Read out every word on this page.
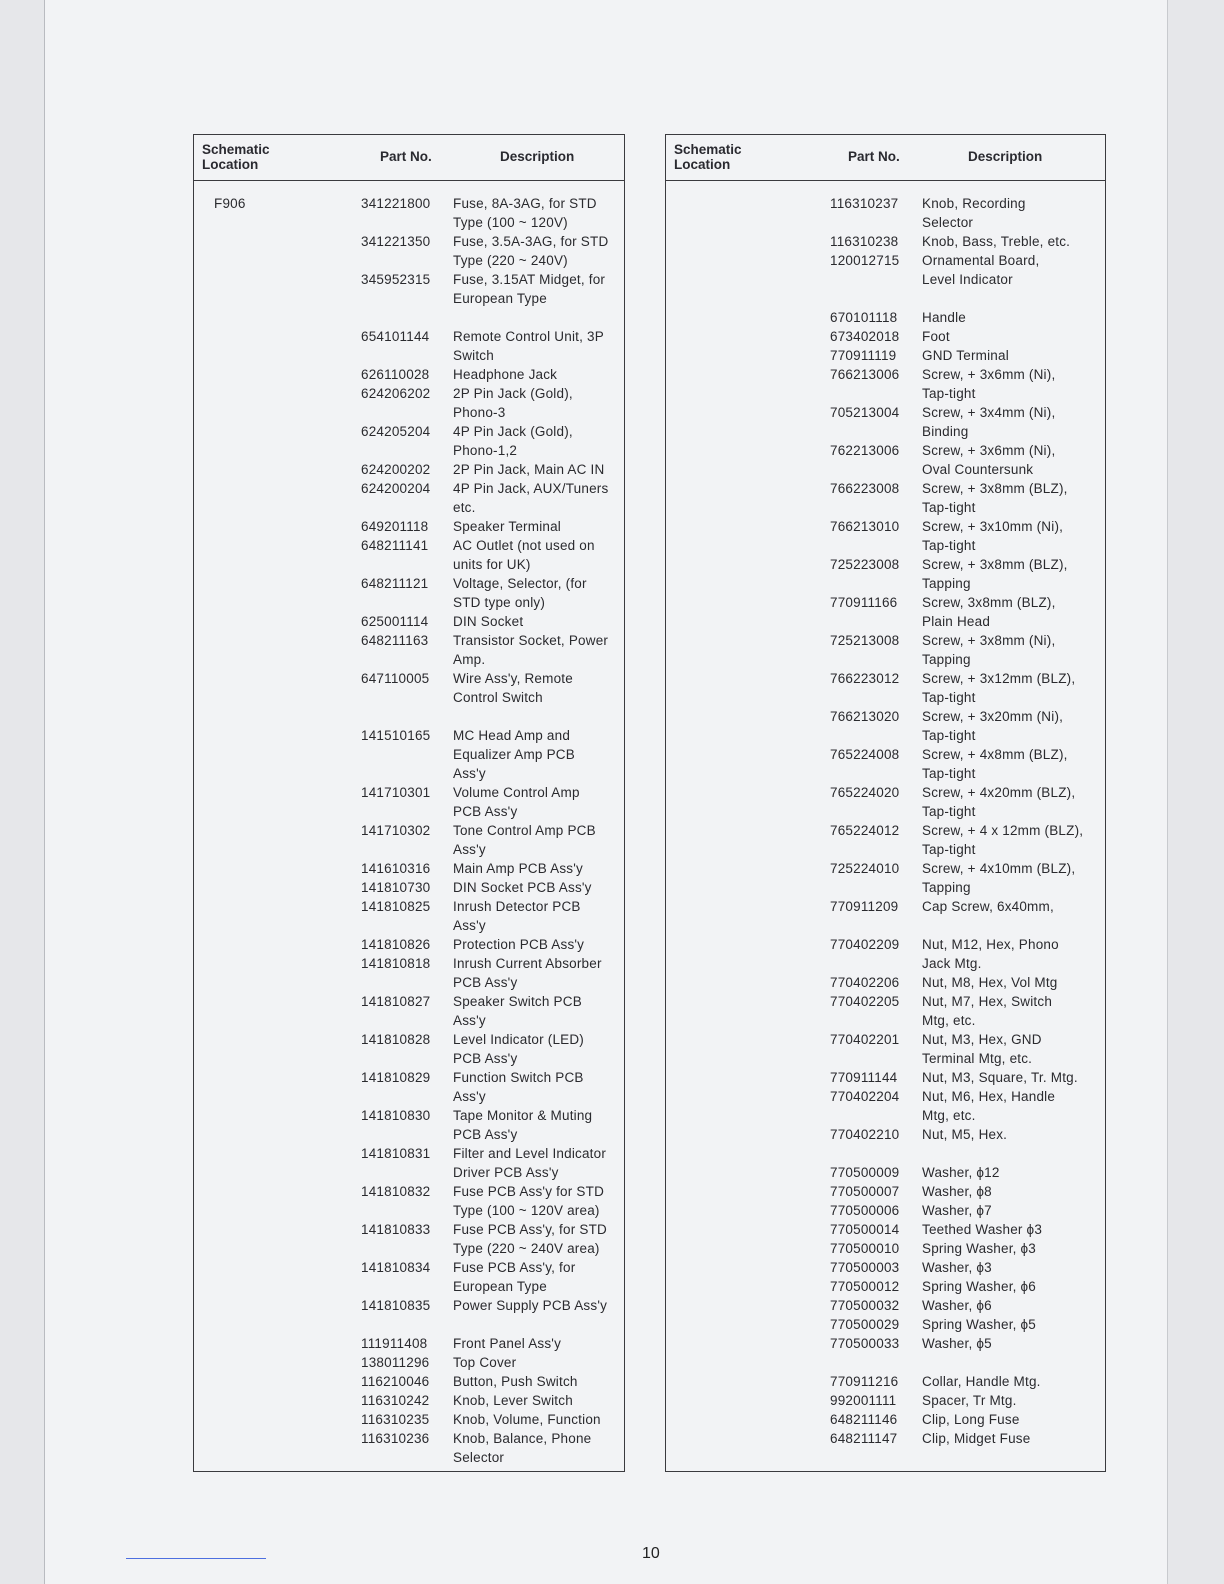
Schematic
Location
Part No.	Description
F906	341221800 Fuse, 8A-3AG, for STD
Type (100 ~ 120V)
341221350 Fuse, 3.5A-3AG, for STD
Type (220 ~ 240V)
345952315 Fuse, 3.15AT Midget, for
European Type
654101144 Remote Control Unit, 3P
Switch
626110028 Headphone Jack
624206202 2P Pin Jack (Gold),
Phono-3
624205204 4P Pin Jack (Gold),
Phono-1,2
624200202 2P Pin Jack, Main AC IN
624200204 4P Pin Jack, AUX/Tuners
etc.
649201118 Speaker Terminal
648211141 AC Outlet (not used on
units for UK)
648211121 Voltage, Selector, (for
STD type only)
625001114 DIN Socket
648211163 Transistor Socket, Power
Amp.
647110005 Wire Ass'y, Remote
Control Switch
141510165 MC Head Amp and
Equalizer Amp PCB
Ass'y
141710301 Volume Control Amp
PCB Ass'y
141710302 Tone Control Amp PCB
Ass'y
141610316 Main Amp PCB Ass'y
141810730 DIN Socket PCB Ass'y
141810825 Inrush Detector PCB
Ass'y
141810826 Protection PCB Ass'y
141810818 Inrush Current Absorber
PCB Ass'y
141810827 Speaker Switch PCB
Ass'y
141810828 Level Indicator (LED)
PCB Ass'y
141810829 Function Switch PCB
Ass'y
141810830 Tape Monitor & Muting
PCB Ass'y
141810831 Filter and Level Indicator
Driver PCB Ass'y
141810832 Fuse PCB Ass'y for STD
Type (100 ~ 120V area)
141810833 Fuse PCB Ass'y, for STD
Type (220 ~ 240V area)
141810834 Fuse PCB Ass'y, for
European Type
141810835 Power Supply PCB Ass'y
111911408 Front Panel Ass'y
138011296 Top Cover
116210046 Button, Push Switch
116310242 Knob, Lever Switch
116310235 Knob, Volume, Function
116310236 Knob, Balance, Phone
Selector
Schematic
Location
Part No.	Description
116310237 Knob, Recording
Selector
116310238 Knob, Bass, Treble, etc.
120012715 Ornamental Board,
Level Indicator
670101118 Handle
673402018 Foot
770911119 GND Terminal
766213006 Screw, + 3x6mm (Ni),
Tap-tight
705213004 Screw, + 3x4mm (Ni),
Binding
762213006 Screw, + 3x6mm (Ni),
Oval Countersunk
766223008 Screw, + 3x8mm (BLZ),
Tap-tight
766213010 Screw, + 3x10mm (Ni),
Tap-tight
725223008 Screw, + 3x8mm (BLZ),
Tapping
770911166 Screw, 3x8mm (BLZ),
Plain Head
725213008 Screw, + 3x8mm (Ni),
Tapping
766223012 Screw, + 3x12mm (BLZ),
Tap-tight
766213020 Screw, + 3x20mm (Ni),
Tap-tight
765224008 Screw, + 4x8mm (BLZ),
Tap-tight
765224020 Screw, + 4x20mm (BLZ),
Tap-tight
765224012 Screw, + 4 x 12mm (BLZ),
Tap-tight
725224010 Screw, + 4x10mm (BLZ),
Tapping
770911209 Cap Screw, 6x40mm,
770402209 Nut, M12, Hex, Phono
Jack Mtg.
770402206 Nut, M8, Hex, Vol Mtg
770402205 Nut, M7, Hex, Switch
Mtg, etc.
770402201 Nut, M3, Hex, GND
Terminal Mtg, etc.
770911144 Nut, M3, Square, Tr. Mtg.
770402204 Nut, M6, Hex, Handle
Mtg, etc.
770402210 Nut, M5, Hex.
770500009 Washer, ϕ12
770500007 Washer, ϕ8
770500006 Washer, ϕ7
770500014 Teethed Washer ϕ3
770500010 Spring Washer, ϕ3
770500003 Washer, ϕ3
770500012 Spring Washer, ϕ6
770500032 Washer, ϕ6
770500029 Spring Washer, ϕ5
770500033 Washer, ϕ5
770911216 Collar, Handle Mtg.
992001111 Spacer, Tr Mtg.
648211146 Clip, Long Fuse
648211147 Clip, Midget Fuse
10
